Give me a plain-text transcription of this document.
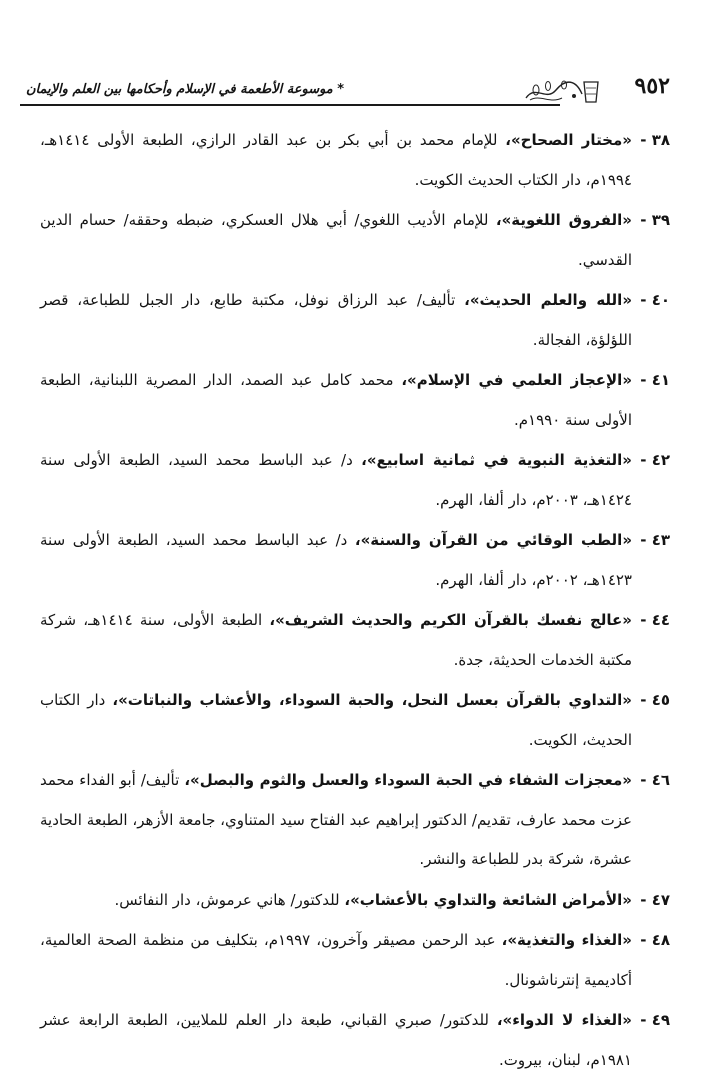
٩٥٢
* موسوعة الأطعمة في الإسلام وأحكامها بين العلم والإيمان
٣٨ -
«مختار الصحاح»، للإمام محمد بن أبي بكر بن عبد القادر الرازي، الطبعة الأولى ١٤١٤هـ، ١٩٩٤م، دار الكتاب الحديث الكويت.
٣٩ -
«الفروق اللغوية»، للإمام الأديب اللغوي/ أبي هلال العسكري، ضبطه وحققه/ حسام الدين القدسي.
٤٠ -
«الله والعلم الحديث»، تأليف/ عبد الرزاق نوفل، مكتبة طابع، دار الجبل للطباعة، قصر اللؤلؤة، الفجالة.
٤١ -
«الإعجاز العلمي في الإسلام»، محمد كامل عبد الصمد، الدار المصرية اللبنانية، الطبعة الأولى سنة ١٩٩٠م.
٤٢ -
«التغذية النبوية في ثمانية اسابيع»، د/ عبد الباسط محمد السيد، الطبعة الأولى سنة ١٤٢٤هـ، ٢٠٠٣م، دار ألفا، الهرم.
٤٣ -
«الطب الوقائي من القرآن والسنة»، د/ عبد الباسط محمد السيد، الطبعة الأولى سنة ١٤٢٣هـ، ٢٠٠٢م، دار ألفا، الهرم.
٤٤ -
«عالج نفسك بالقرآن الكريم والحديث الشريف»، الطبعة الأولى، سنة ١٤١٤هـ، شركة مكتبة الخدمات الحديثة، جدة.
٤٥ -
«التداوي بالقرآن بعسل النحل، والحبة السوداء، والأعشاب والنباتات»، دار الكتاب الحديث، الكويت.
٤٦ -
«معجزات الشفاء في الحبة السوداء والعسل والثوم والبصل»، تأليف/ أبو الفداء محمد عزت محمد عارف، تقديم/ الدكتور إبراهيم عبد الفتاح سيد المتناوي، جامعة الأزهر، الطبعة الحادية عشرة، شركة بدر للطباعة والنشر.
٤٧ -
«الأمراض الشائعة والتداوي بالأعشاب»، للدكتور/ هاني عرموش، دار النفائس.
٤٨ -
«الغذاء والتغذية»، عبد الرحمن مصيقر وآخرون، ١٩٩٧م، بتكليف من منظمة الصحة العالمية، أكاديمية إنترناشونال.
٤٩ -
«الغذاء لا الدواء»، للدكتور/ صبري القباني، طبعة دار العلم للملايين، الطبعة الرابعة عشر ١٩٨١م، لبنان، بيروت.
